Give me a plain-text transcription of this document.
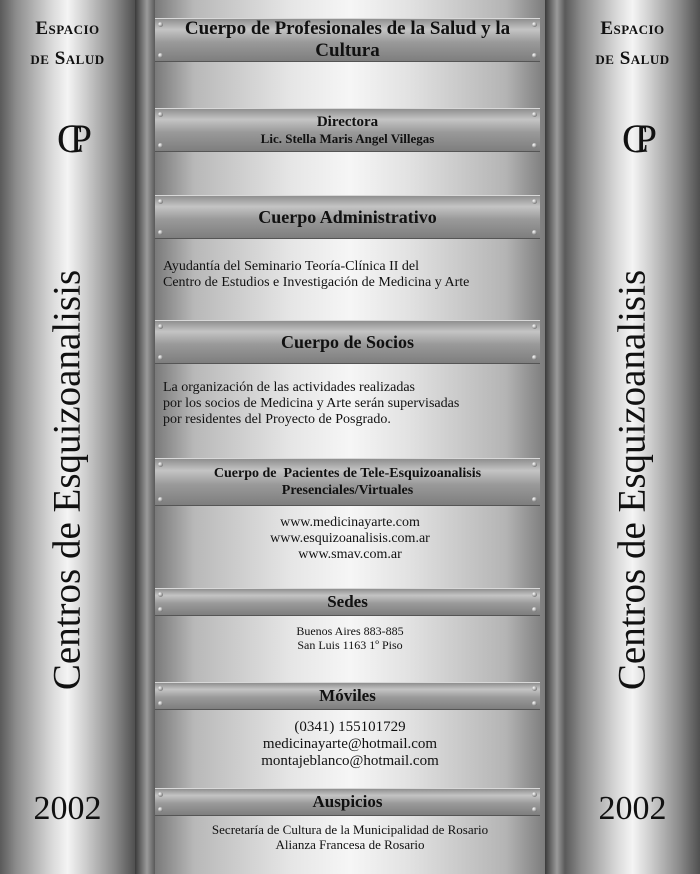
Espacio
de Salud
CP
Centros de Esquizoanalisis
2002
Espacio
de Salud
CP
Centros de Esquizoanalisis
2002
Cuerpo de Profesionales de la Salud y la Cultura
Directora
Lic. Stella Maris Angel Villegas
Cuerpo Administrativo
Ayudantía del Seminario Teoría-Clínica II del
Centro de Estudios e Investigación de Medicina y Arte
Cuerpo de Socios
La organización de las actividades realizadas
por los socios de Medicina y Arte serán supervisadas
por residentes del Proyecto de Posgrado.
Cuerpo de  Pacientes de Tele-Esquizoanalisis
Presenciales/Virtuales
www.medicinayarte.com
www.esquizoanalisis.com.ar
www.smav.com.ar
Sedes
Buenos Aires 883-885
San Luis 1163 1º Piso
Móviles
(0341) 155101729
medicinayarte@hotmail.com
montajeblanco@hotmail.com
Auspicios
Secretaría de Cultura de la Municipalidad de Rosario
Alianza Francesa de Rosario
